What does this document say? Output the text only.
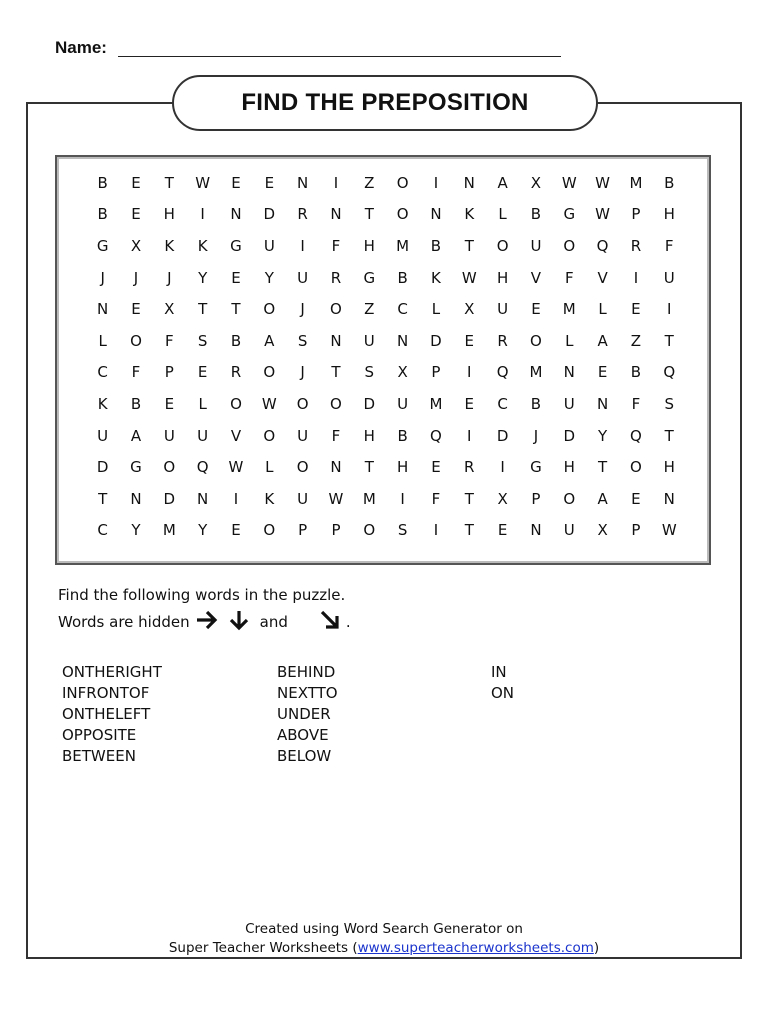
Name:
FIND THE PREPOSITION
B	E	T	W	E	E	N	I	Z	O	I	N	A	X	W	W	M	B
B	E	H	I	N	D	R	N	T	O	N	K	L	B	G	W	P	H
G	X	K	K	G	U	I	F	H	M	B	T	O	U	O	Q	R	F
J	J	J	Y	E	Y	U	R	G	B	K	W	H	V	F	V	I	U
N	E	X	T	T	O	J	O	Z	C	L	X	U	E	M	L	E	I
L	O	F	S	B	A	S	N	U	N	D	E	R	O	L	A	Z	T
C	F	P	E	R	O	J	T	S	X	P	I	Q	M	N	E	B	Q
K	B	E	L	O	W	O	O	D	U	M	E	C	B	U	N	F	S
U	A	U	U	V	O	U	F	H	B	Q	I	D	J	D	Y	Q	T
D	G	O	Q	W	L	O	N	T	H	E	R	I	G	H	T	O	H
T	N	D	N	I	K	U	W	M	I	F	T	X	P	O	A	E	N
C	Y	M	Y	E	O	P	P	O	S	I	T	E	N	U	X	P	W
Find the following words in the puzzle.
Words are hidden	and	.
ONTHERIGHT
INFRONTOF
ONTHELEFT
OPPOSITE
BETWEEN
BEHIND
NEXTTO
UNDER
ABOVE
BELOW
IN
ON
Created using Word Search Generator on
Super Teacher Worksheets (www.superteacherworksheets.com)
